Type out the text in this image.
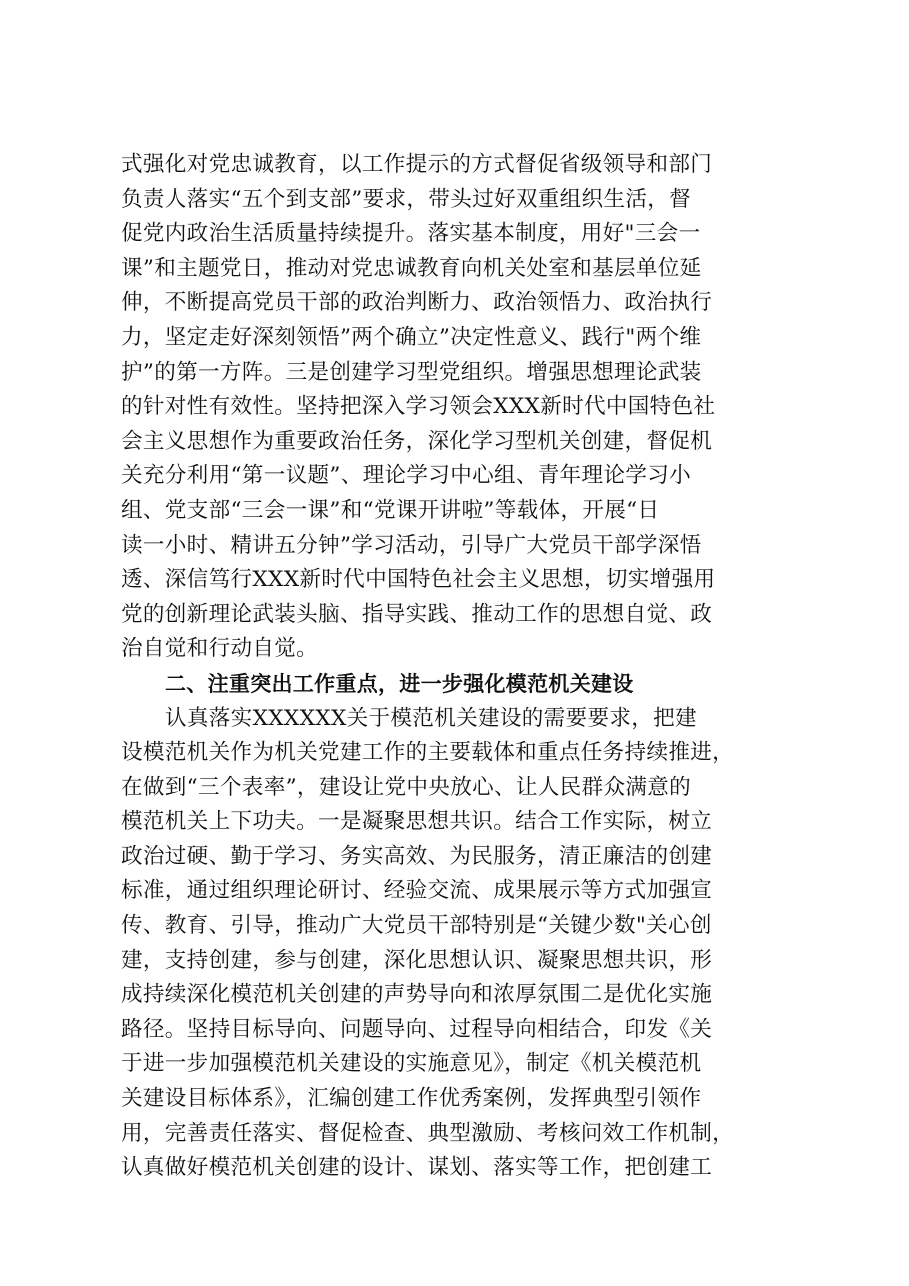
式强化对党忠诚教育，以工作提示的方式督促省级领导和部门
负责人落实“五个到支部”要求，带头过好双重组织生活，督
促党内政治生活质量持续提升。落实基本制度，用好"三会一
课”和主题党日，推动对党忠诚教育向机关处室和基层单位延
伸，不断提高党员干部的政治判断力、政治领悟力、政治执行
力，坚定走好深刻领悟”两个确立”决定性意义、践行"两个维
护”的第一方阵。三是创建学习型党组织。增强思想理论武装
的针对性有效性。坚持把深入学习领会XXX新时代中国特色社
会主义思想作为重要政治任务，深化学习型机关创建，督促机
关充分利用“第一议题”、理论学习中心组、青年理论学习小
组、党支部“三会一课”和“党课开讲啦”等载体，开展“日
读一小时、精讲五分钟”学习活动，引导广大党员干部学深悟
透、深信笃行XXX新时代中国特色社会主义思想，切实增强用
党的创新理论武装头脑、指导实践、推动工作的思想自觉、政
治自觉和行动自觉。
二、注重突出工作重点，进一步强化模范机关建设
认真落实XXXXXX关于模范机关建设的需要要求，把建
设模范机关作为机关党建工作的主要载体和重点任务持续推进，
在做到“三个表率”，建设让党中央放心、让人民群众满意的
模范机关上下功夫。一是凝聚思想共识。结合工作实际，树立
政治过硬、勤于学习、务实高效、为民服务，清正廉洁的创建
标准，通过组织理论研讨、经验交流、成果展示等方式加强宣
传、教育、引导，推动广大党员干部特别是“关键少数"关心创
建，支持创建，参与创建，深化思想认识、凝聚思想共识，形
成持续深化模范机关创建的声势导向和浓厚氛围二是优化实施
路径。坚持目标导向、问题导向、过程导向相结合，印发《关
于进一步加强模范机关建设的实施意见》，制定《机关模范机
关建设目标体系》，汇编创建工作优秀案例，发挥典型引领作
用，完善责任落实、督促检查、典型激励、考核问效工作机制，
认真做好模范机关创建的设计、谋划、落实等工作，把创建工
